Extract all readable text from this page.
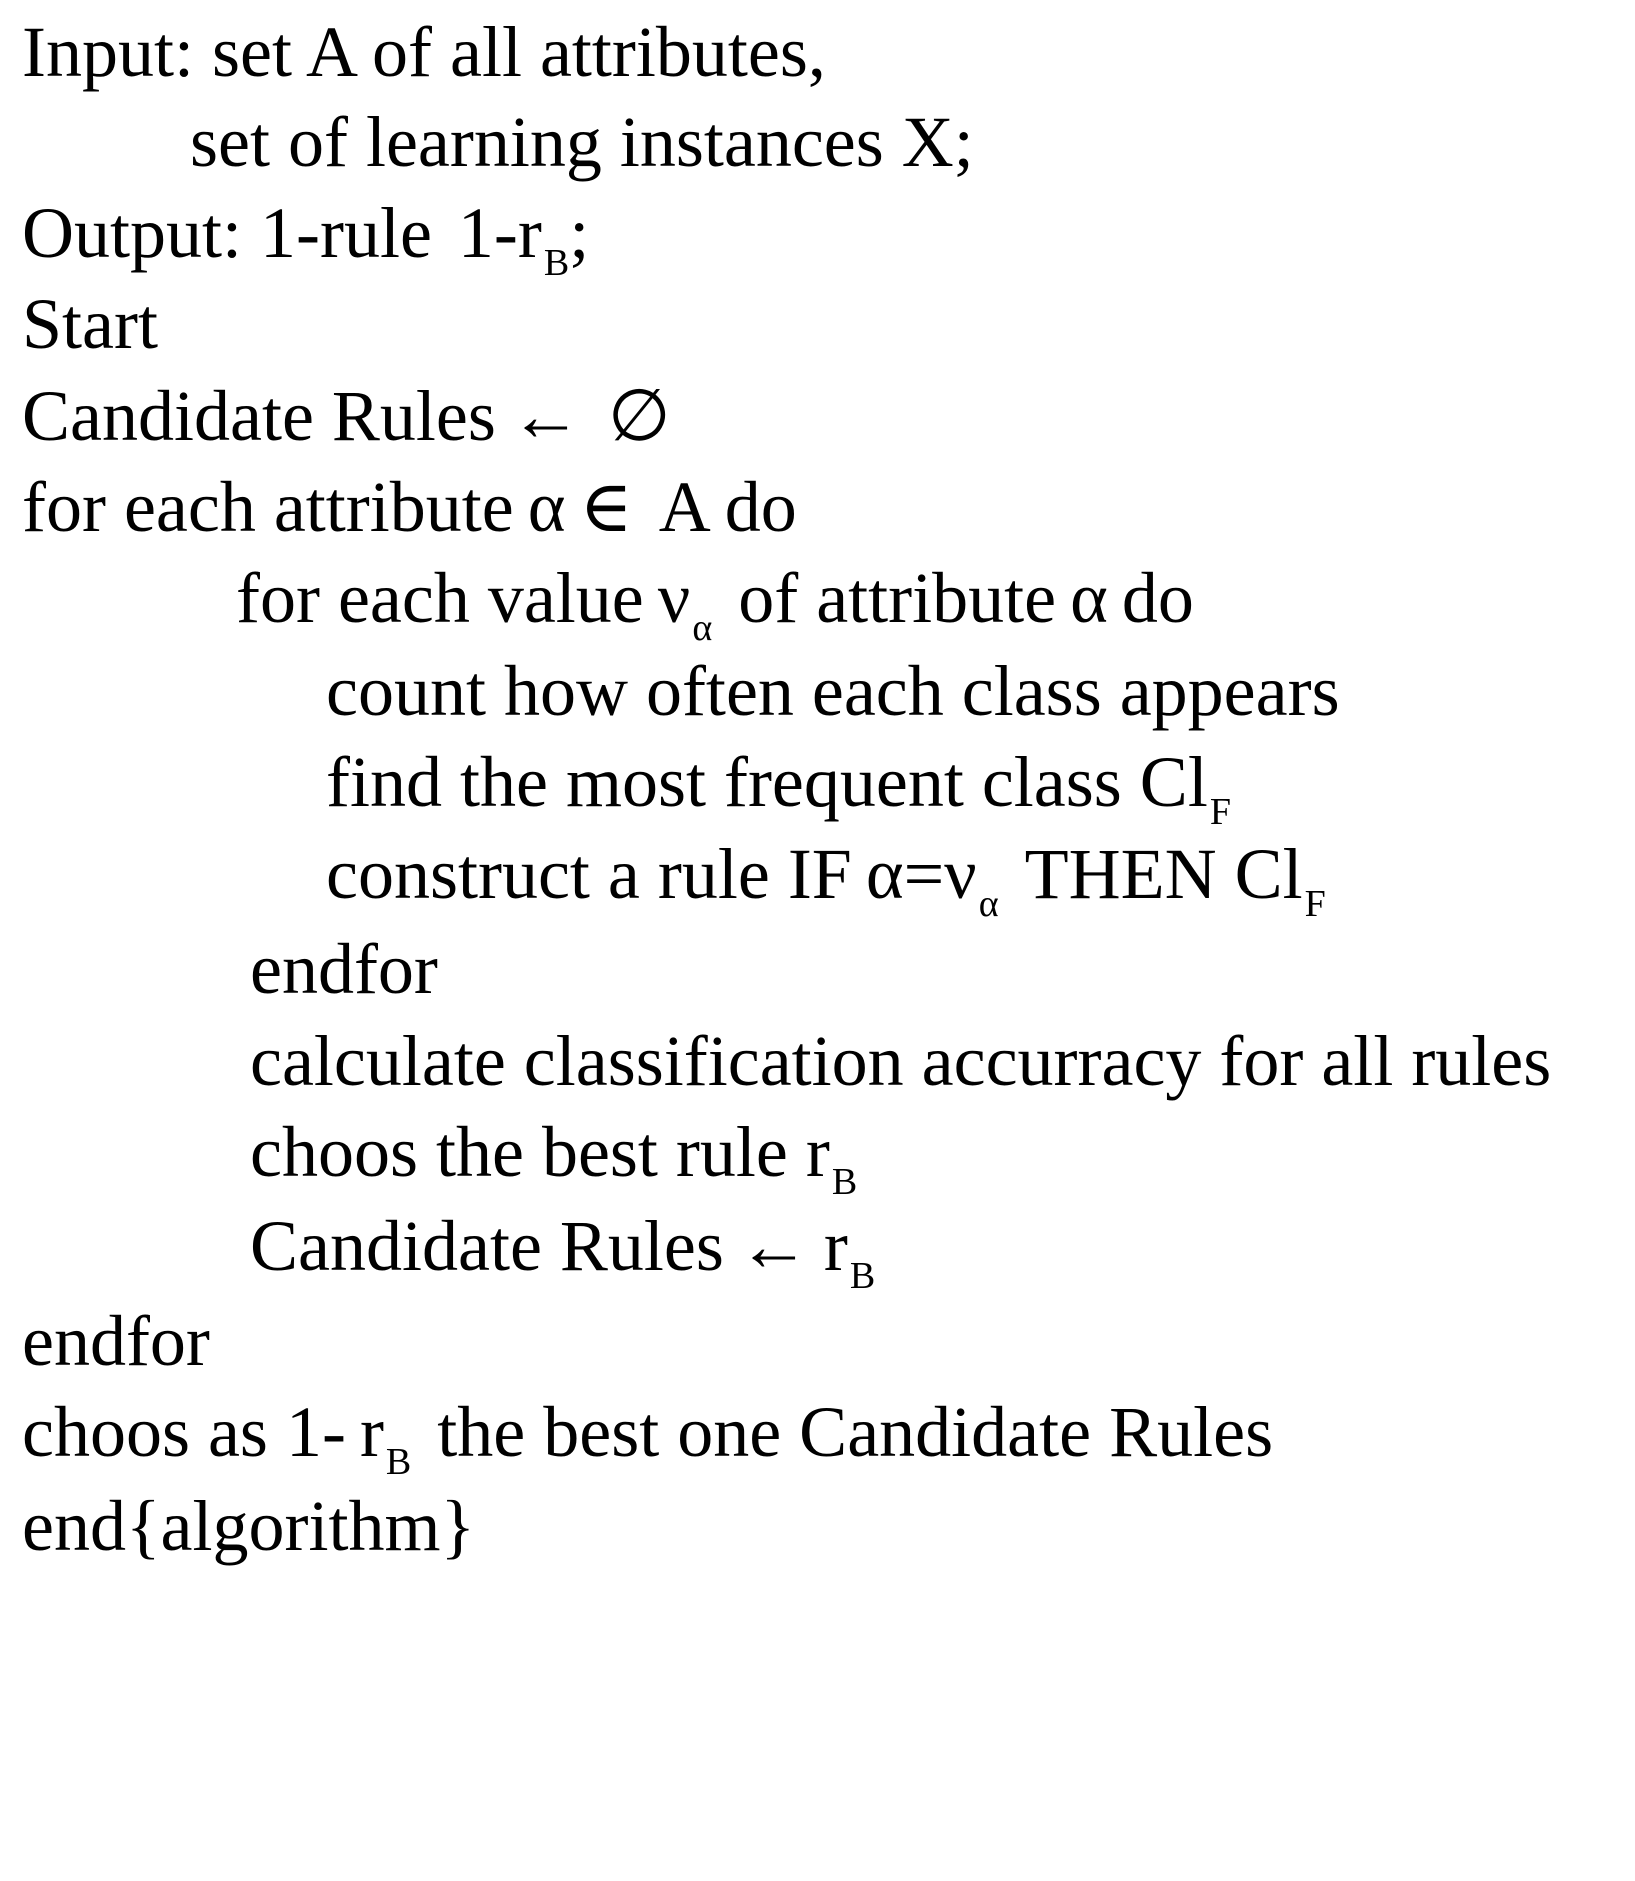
Input: set A of all attributes,
set of learning instances X;
Output: 1-rule $1-r_B$;
Start
Candidate Rules ← ∅
for each attribute α ∈ A do
for each value $\nu_\alpha$ of attribute α do
count how often each class appears
find the most frequent class $Cl_F$
construct a rule IF $\alpha=\nu_\alpha$ THEN $Cl_F$
endfor
calculate classification accurracy for all rules
choos the best rule $r_B$
Candidate Rules ← $r_B$
endfor
choos as 1- $r_B$ the best one Candidate Rules
end{algorithm}
